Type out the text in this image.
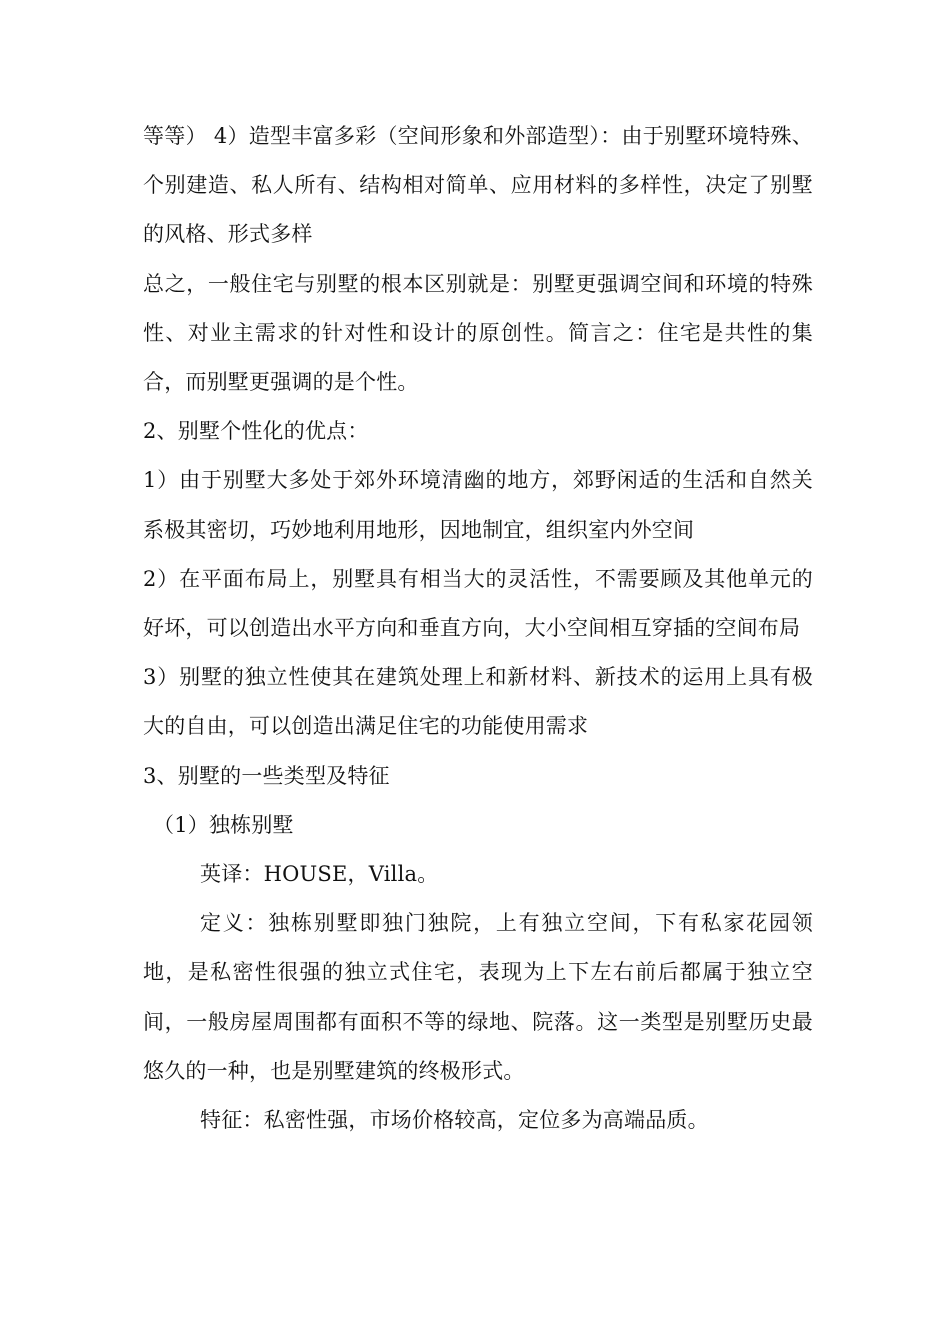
等等） 4）造型丰富多彩（空间形象和外部造型）：由于别墅环境特殊、个别建造、私人所有、结构相对简单、应用材料的多样性，决定了别墅的风格、形式多样

总之，一般住宅与别墅的根本区别就是：别墅更强调空间和环境的特殊性、对业主需求的针对性和设计的原创性。简言之：住宅是共性的集合，而别墅更强调的是个性。

2、别墅个性化的优点：

1）由于别墅大多处于郊外环境清幽的地方，郊野闲适的生活和自然关系极其密切，巧妙地利用地形，因地制宜，组织室内外空间

2）在平面布局上，别墅具有相当大的灵活性，不需要顾及其他单元的好坏，可以创造出水平方向和垂直方向，大小空间相互穿插的空间布局

3）别墅的独立性使其在建筑处理上和新材料、新技术的运用上具有极大的自由，可以创造出满足住宅的功能使用需求

3、别墅的一些类型及特征

（1）独栋别墅

英译：HOUSE，Villa。

定义：独栋别墅即独门独院，上有独立空间，下有私家花园领地，是私密性很强的独立式住宅，表现为上下左右前后都属于独立空间，一般房屋周围都有面积不等的绿地、院落。这一类型是别墅历史最悠久的一种，也是别墅建筑的终极形式。

特征：私密性强，市场价格较高，定位多为高端品质。
